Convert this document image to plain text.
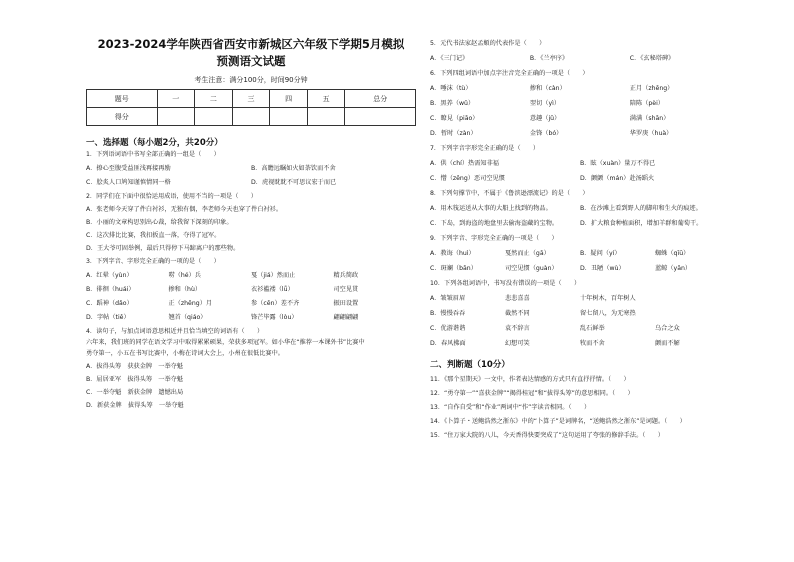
2023-2024学年陕西省西安市新城区六年级下学期5月模拟

预测语文试题

考生注意：满分100分，时间90分钟
题号	一	二	三	四	五	总分
得分						
一、选择题（每小题2分，共20分）
1．下列语词语中书写全部正确的一组是（　　）
A．撩心至腹受益匪浅再接再励	B．高瞻远瞩如火如荼饮而不舍
C．脍炙人口鸠知谨慎情同一格	D．虎视眈眈不可思议宏于而已
2．同学们在下面中很恰运用成语，使用不当的一项是（　　）
A．张老师今天穿了件白衬衫，无独有偶，李老师今天也穿了件白衬衫。
B．小丽的文章构思别出心裁，给我留下深刻的印象。
C．这次排比比赛，我扣扳直一落，夺得了冠军。
D．王大爷可固举例，最后只得停下马蹄离户的那些物。
3．下列字音、字形完全正确的一项的是（　　）
A．红晕（yùn）	唠（hé）兵	戛（jiá）然而止	精兵简政
B．徘徊（huái）	掺和（hù）	衣衫褴褛（lǚ）	司空见贯
C．蹈神（dǎo）	正（zhēng）月	参（cēn）差不齐	振田设置
D．字帖（tiě）	翘首（qiáo）	锋芒毕露（lòu）	翩翩翩翩
4．读句子，与加点词语意思相近并且恰当填空的词语有（　　）
六年来，我们班的同学在语文学习中取得累累硕果，荣获多项冠军。如小华在“推荐一本课外书”比赛中
勇夺第一，小五在书写比赛中，小梅在诗词大会上，小州在很低比赛中。
A．拔得头筹　获获金牌　一举夺魁
B．屈居亚军　拔得头筹　一举夺魁
C．一举夺魁　新获金牌　遗憾出局
D．新获金牌　拔得头筹　一举夺魁
5．元代书法家赵孟頫的代表作是（　　）
A．《三门记》	B．《兰亭序》	C．《玄秘塔碑》
6．下列四组词语中加点字注音完全正确的一项是（　　）
A．唾沫（tù）	掺和（càn）	正月（zhēng）
B．黑养（wǔ）	翌切（yì）	陪陈（pèi）
C．瞭見（piāo）	意趣（jǔ）	满满（shān）
D．暂时（zàn）	金锋（bó）	华罗庚（huà）
7．下列字音字形完全正确的是（　　）
A．供（chí）热需知非福	B．眩（xuàn）量万不得已
C．憎（zēng）恶司空见惯	D．颤颤（mán）赴汤蹈火
8．下列句撑节中，不属于《鲁滨逊漂流记》的是（　　）
A．用木筏运送从大事的大船上找到的物品。	B．在沙滩上看到野人的脚印和生火的痕迹。
C．下岛，到海盗的地盘里去偷海盗藏的宝物。	D．扩大粮食种植面积，增加羊群和葡萄干。
9．下列字音、字形完全正确的一项是（　　）
A．教诲（huì）	戛然而止（gā）	B．疑问（yí）	蜘蛛（qīū）
C．斑斓（bān）	司空见惯（guàn）	D．丑陋（wù）	蓝鲸（yān）
10．下列各组词语中，书写没有错误的一项是（　　）
A．皱皱眉眉	悲悲喜喜	十年树木，百年树人
B．慢慢吞吞	截然不同	留七留八，为无寒热
C．优游谐谐	袁不辞言	乱石鲜举	乌合之众
D．春风拂面	幻想可笑	牧而不舍	颤而不解
二、判断题（10分）
11．《那个星期天》一文中，作者表达情感的方式只有直抒抒情。（　　）
12．“勇夺第一”“喜获金牌”“揭得桂冠”和“拔得头筹”的意思相同。（　　）
13．“自作自受”和“作业”两词中“作”字读音相同。（　　）
14．《卜算子・送鲍浩然之浙东》中的“卜算子”是词牌名，“送鲍浩然之浙东”是词题。（　　）
15．“住万家大院的八儿，今天香得快要突成了”这句运用了夸张的修辞手法。（　　）
